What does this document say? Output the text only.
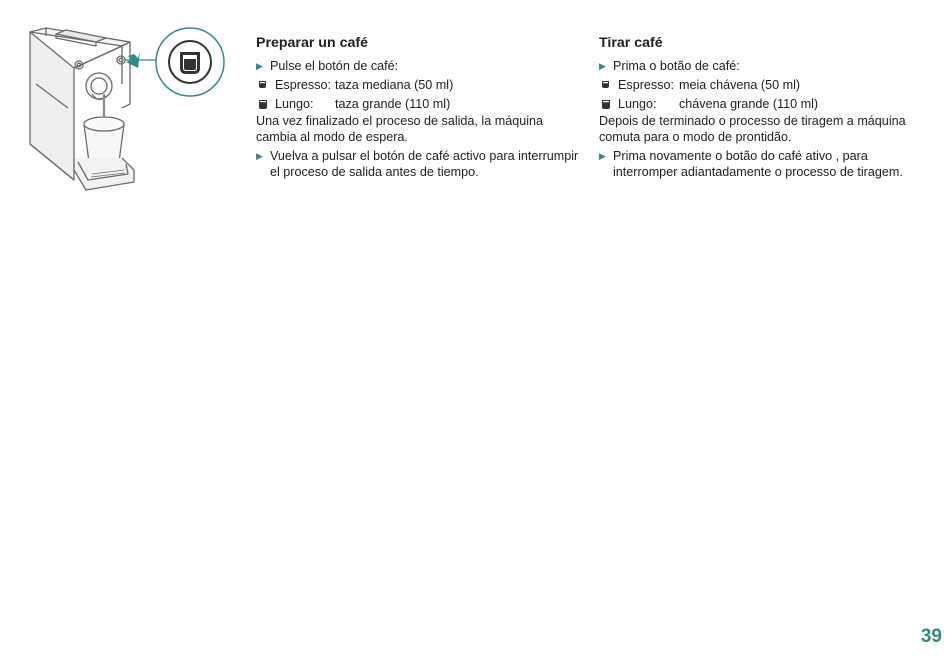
Preparar un café
▶ Pulse el botón de café:
Espresso: taza mediana (50 ml)
Lungo:	taza grande (110 ml)
Una vez finalizado el proceso de salida, la máquina cambia al modo de espera.
▶ Vuelva a pulsar el botón de café activo para interrumpir el proceso de salida antes de tiempo.
Tirar café
▶ Prima o botão de café:
Espresso: meia chávena (50 ml)
Lungo:	chávena grande (110 ml)
Depois de terminado o processo de tiragem a máquina comuta para o modo de prontidão.
▶ Prima novamente o botão do café ativo , para interromper adiantadamente o processo de tiragem.
39
